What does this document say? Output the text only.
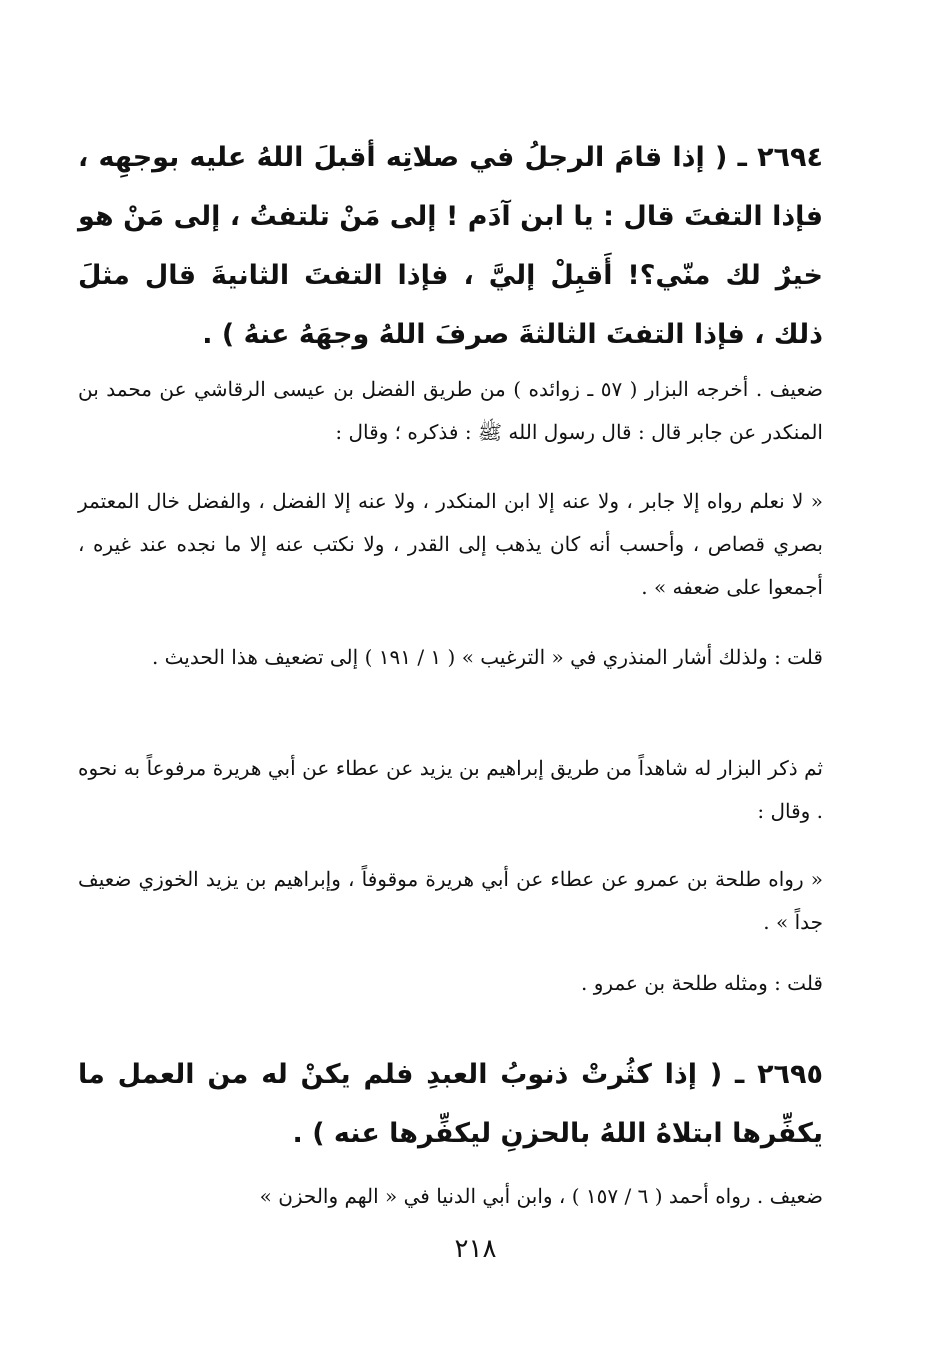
٢٦٩٤ ـ ( إذا قامَ الرجلُ في صلاتِه أقبلَ اللهُ عليه بوجهِه ، فإذا التفتَ قال : يا ابن آدَم ! إلى مَنْ تلتفتُ ، إلى مَنْ هو خيرٌ لك منّي؟! أَقبِلْ إليَّ ، فإذا التفتَ الثانيةَ قال مثلَ ذلك ، فإذا التفتَ الثالثةَ صرفَ اللهُ وجهَهُ عنهُ ) .

ضعيف . أخرجه البزار ( ٥٧ ـ زوائده ) من طريق الفضل بن عيسى الرقاشي عن محمد بن المنكدر عن جابر قال : قال رسول الله ﷺ : فذكره ؛ وقال :

« لا نعلم رواه إلا جابر ، ولا عنه إلا ابن المنكدر ، ولا عنه إلا الفضل ، والفضل خال المعتمر بصري قصاص ، وأحسب أنه كان يذهب إلى القدر ، ولا نكتب عنه إلا ما نجده عند غيره ، أجمعوا على ضعفه » .

قلت : ولذلك أشار المنذري في « الترغيب » ( ١ / ١٩١ ) إلى تضعيف هذا الحديث .

ثم ذكر البزار له شاهداً من طريق إبراهيم بن يزيد عن عطاء عن أبي هريرة مرفوعاً به نحوه . وقال :

« رواه طلحة بن عمرو عن عطاء عن أبي هريرة موقوفاً ، وإبراهيم بن يزيد الخوزي ضعيف جداً » .

قلت : ومثله طلحة بن عمرو .

٢٦٩٥ ـ ( إذا كثُرتْ ذنوبُ العبدِ فلم يكنْ له من العمل ما يكفِّرها ابتلاهُ اللهُ بالحزنِ ليكفِّرها عنه ) .

ضعيف . رواه أحمد ( ٦ / ١٥٧ ) ، وابن أبي الدنيا في « الهم والحزن »

٢١٨
